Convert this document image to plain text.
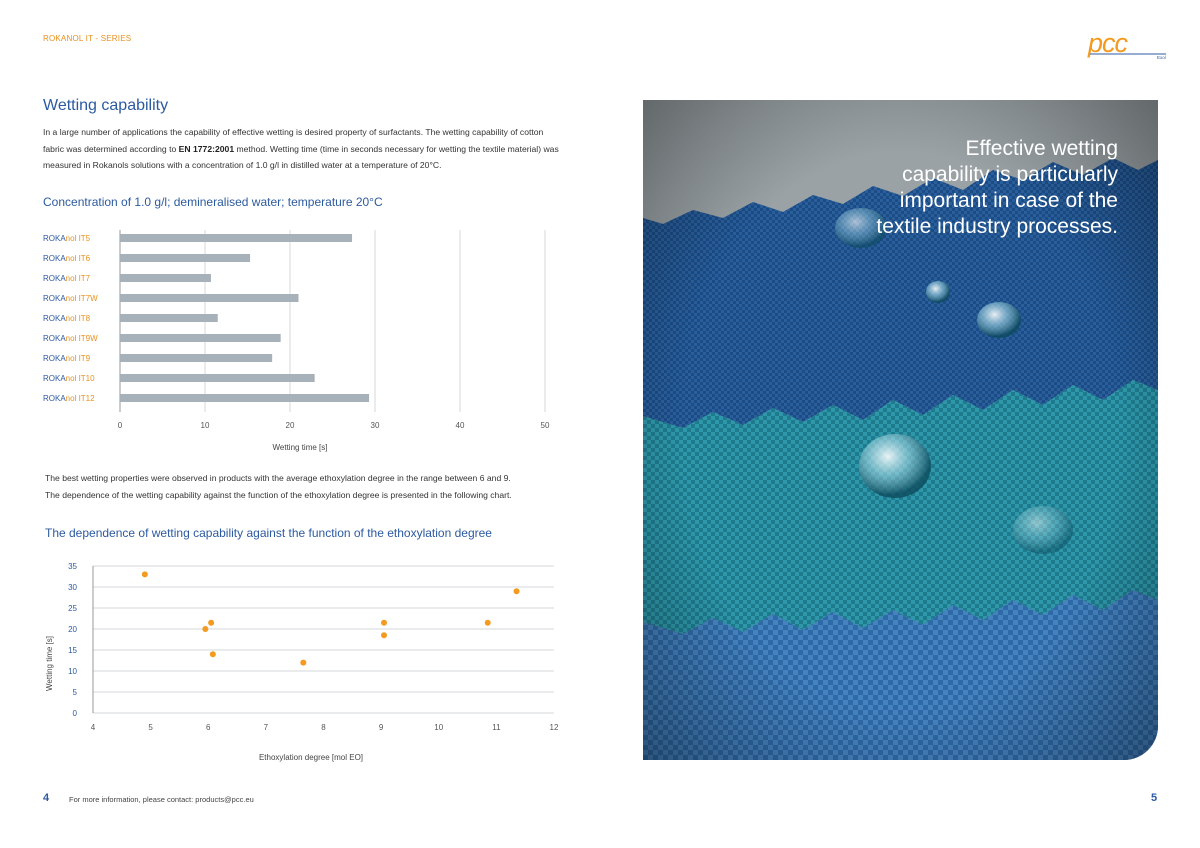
ROKANOL IT - SERIES	pcc	Exol
Wetting capability
In a large number of applications the capability of effective wetting is desired property of surfactants. The wetting capability of cotton fabric was determined according to EN 1772:2001 method. Wetting time (time in seconds necessary for wetting the textile material) was measured in Rokanols solutions with a concentration of 1.0 g/l in distilled water at a temperature of 20°C.
Concentration of 1.0 g/l; demineralised water; temperature 20°C
0	10	20	30	40	50
ROKAnol IT5
ROKAnol IT6
ROKAnol IT7
ROKAnol IT7W
ROKAnol IT8
ROKAnol IT9W
ROKAnol IT9
ROKAnol IT10
ROKAnol IT12
Wetting time [s]
The best wetting properties were observed in products with the average ethoxylation degree in the range between 6 and 9.
The dependence of the wetting capability against the function of the ethoxylation degree is presented in the following chart.
The dependence of wetting capability against the function of the ethoxylation degree
0
5
10
15
20
25
30
35
4	5	6	7	8	9	10	11	12
Ethoxylation degree [mol EO]
Wetting time [s]
Effective wetting
capability is particularly
important in case of the
textile industry processes.
4	For more information, please contact: products@pcc.eu	5
